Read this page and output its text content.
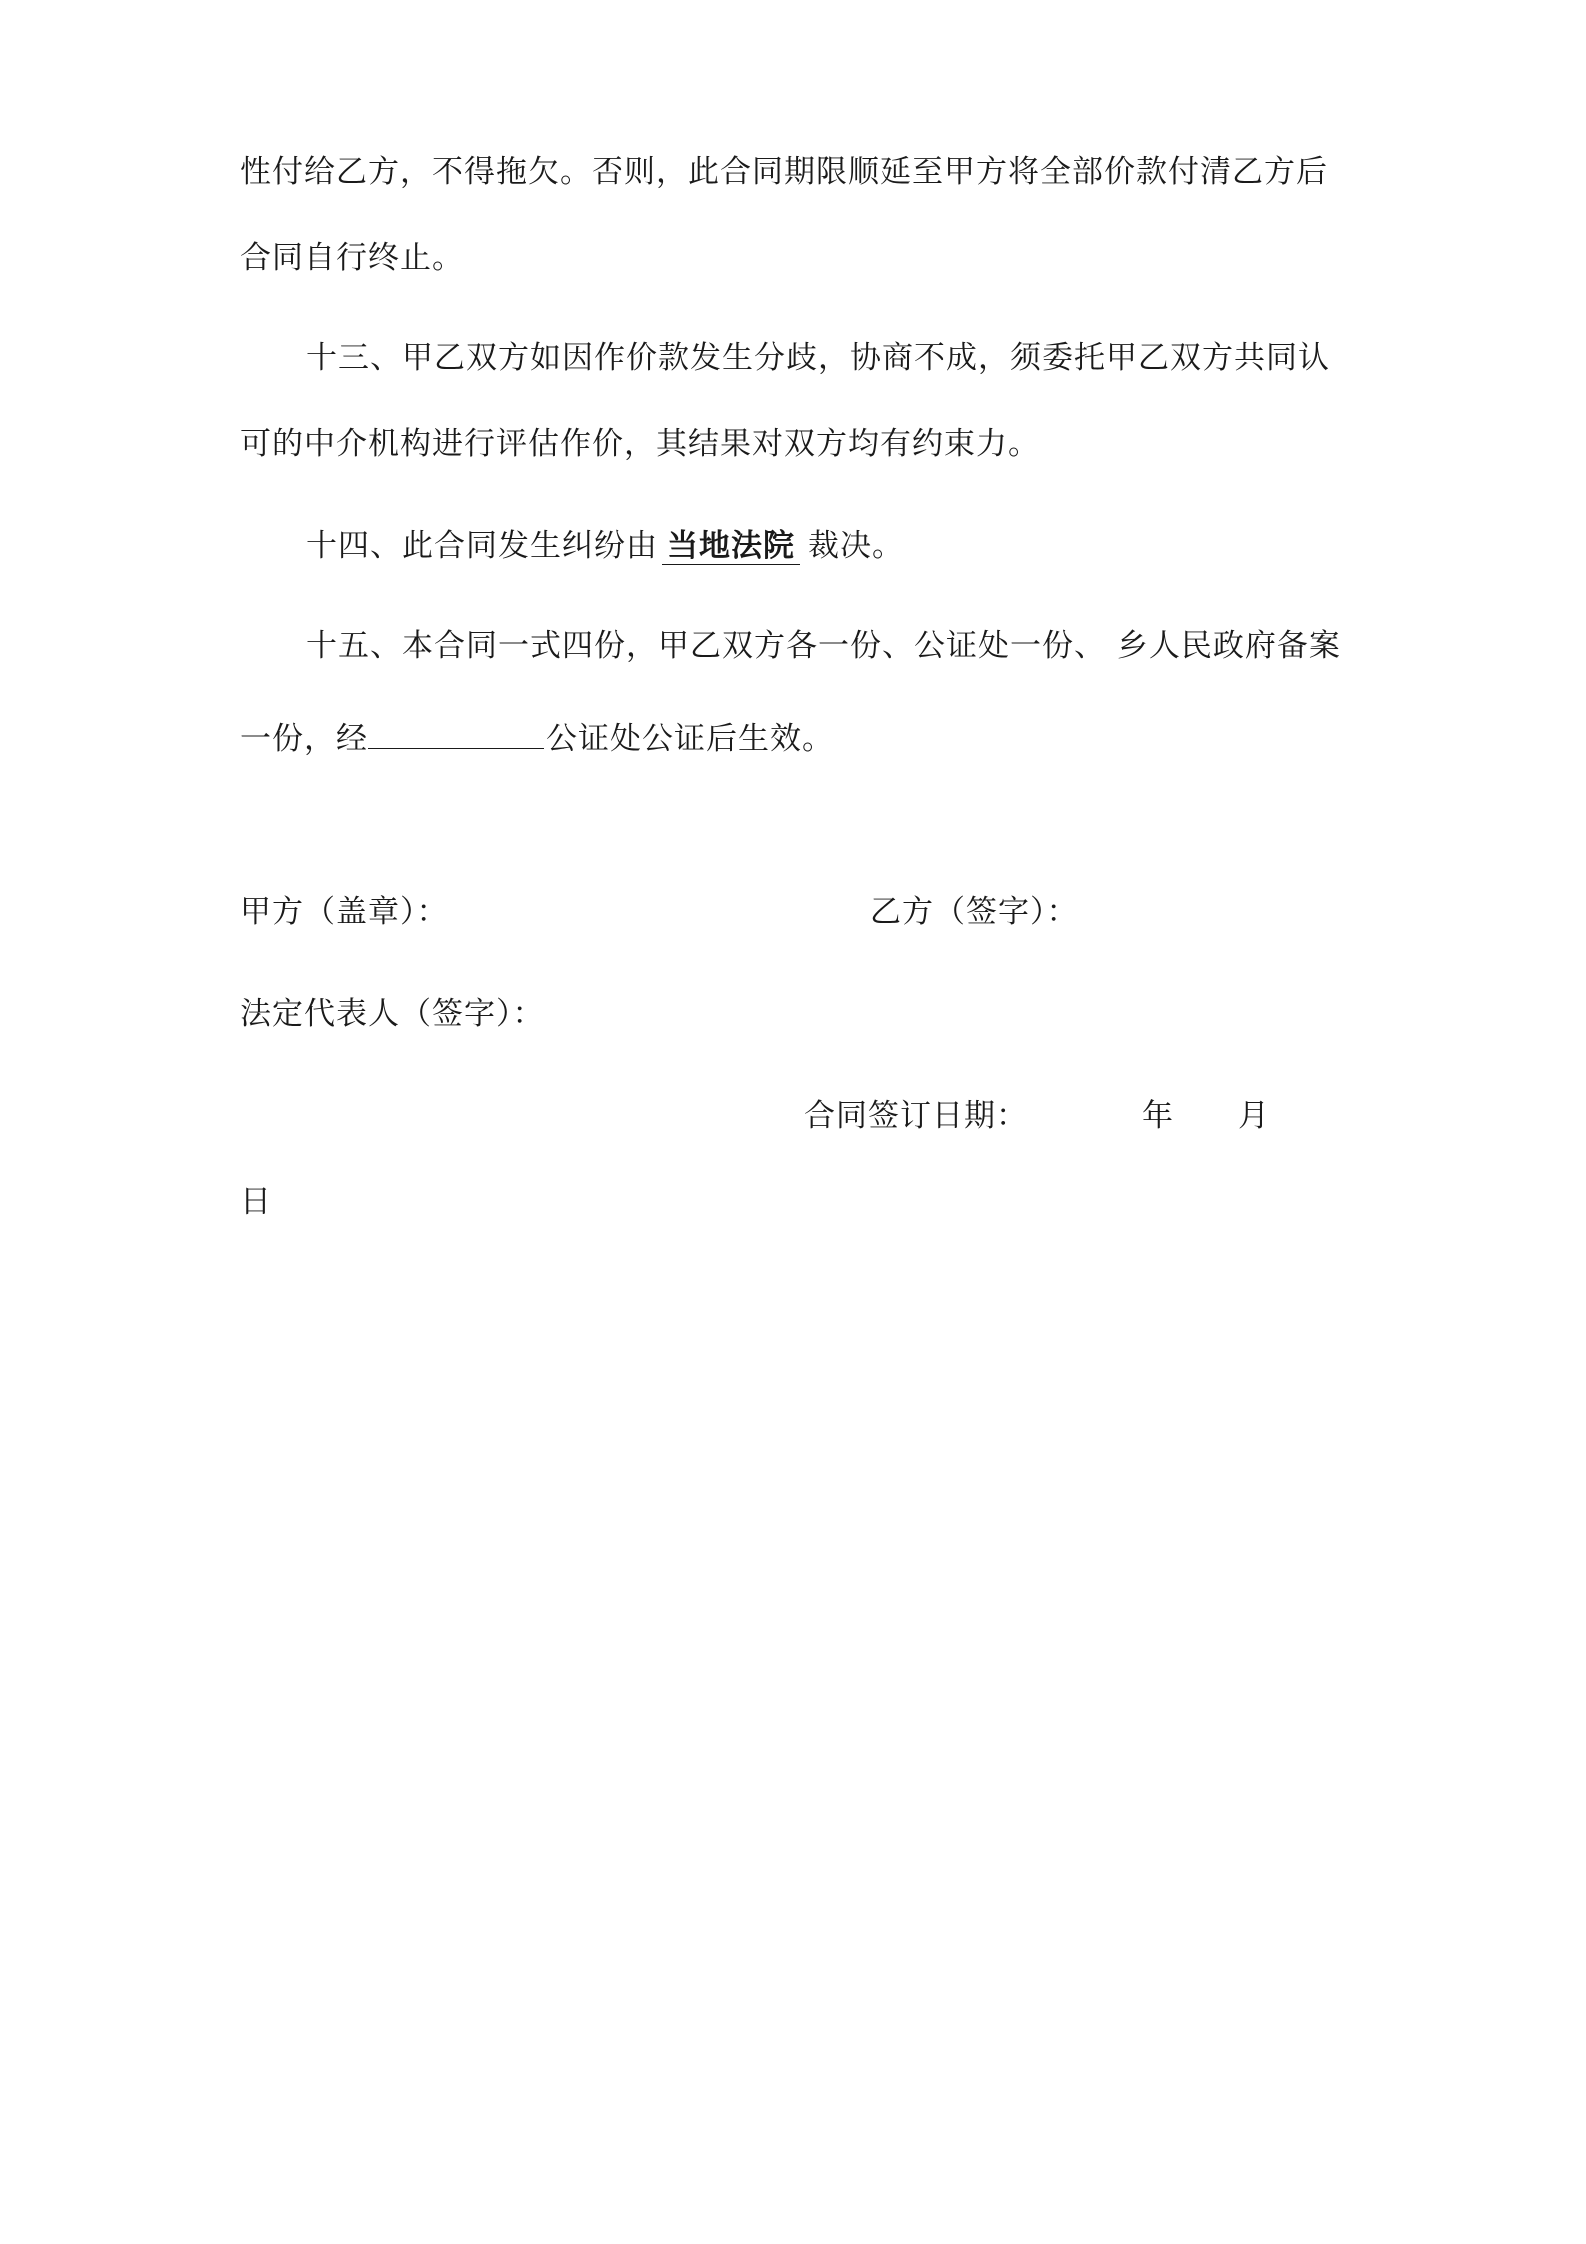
性付给乙方，不得拖欠。否则，此合同期限顺延至甲方将全部价款付清乙方后
合同自行终止。
十三、甲乙双方如因作价款发生分歧，协商不成，须委托甲乙双方共同认
可的中介机构进行评估作价，其结果对双方均有约束力。
十四、此合同发生纠纷由 当地法院 裁决。
十五、本合同一式四份，甲乙双方各一份、公证处一份、 乡人民政府备案
一份，经	公证处公证后生效。
甲方（盖章）：	乙方（签字）：
法定代表人（签字）：
合同签订日期：	年 月
日
